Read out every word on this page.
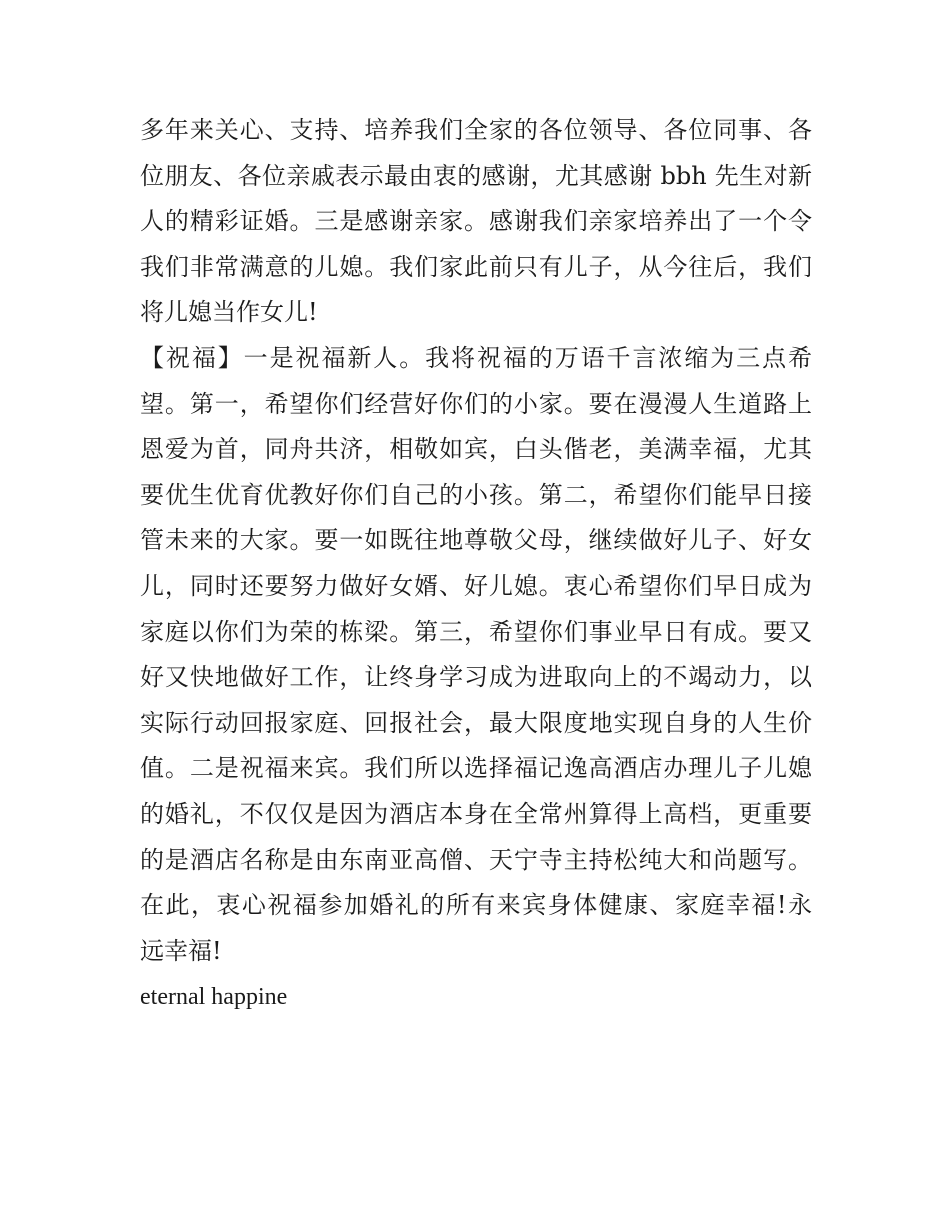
多年来关心、支持、培养我们全家的各位领导、各位同事、各
位朋友、各位亲戚表示最由衷的感谢，尤其感谢 bbh 先生对新
人的精彩证婚。三是感谢亲家。感谢我们亲家培养出了一个令
我们非常满意的儿媳。我们家此前只有儿子，从今往后，我们
将儿媳当作女儿!
【祝福】一是祝福新人。我将祝福的万语千言浓缩为三点希
望。第一，希望你们经营好你们的小家。要在漫漫人生道路上
恩爱为首，同舟共济，相敬如宾，白头偕老，美满幸福，尤其
要优生优育优教好你们自己的小孩。第二，希望你们能早日接
管未来的大家。要一如既往地尊敬父母，继续做好儿子、好女
儿，同时还要努力做好女婿、好儿媳。衷心希望你们早日成为
家庭以你们为荣的栋梁。第三，希望你们事业早日有成。要又
好又快地做好工作，让终身学习成为进取向上的不竭动力，以
实际行动回报家庭、回报社会，最大限度地实现自身的人生价
值。二是祝福来宾。我们所以选择福记逸高酒店办理儿子儿媳
的婚礼，不仅仅是因为酒店本身在全常州算得上高档，更重要
的是酒店名称是由东南亚高僧、天宁寺主持松纯大和尚题写。
在此，衷心祝福参加婚礼的所有来宾身体健康、家庭幸福!永
远幸福!
eternal happine
